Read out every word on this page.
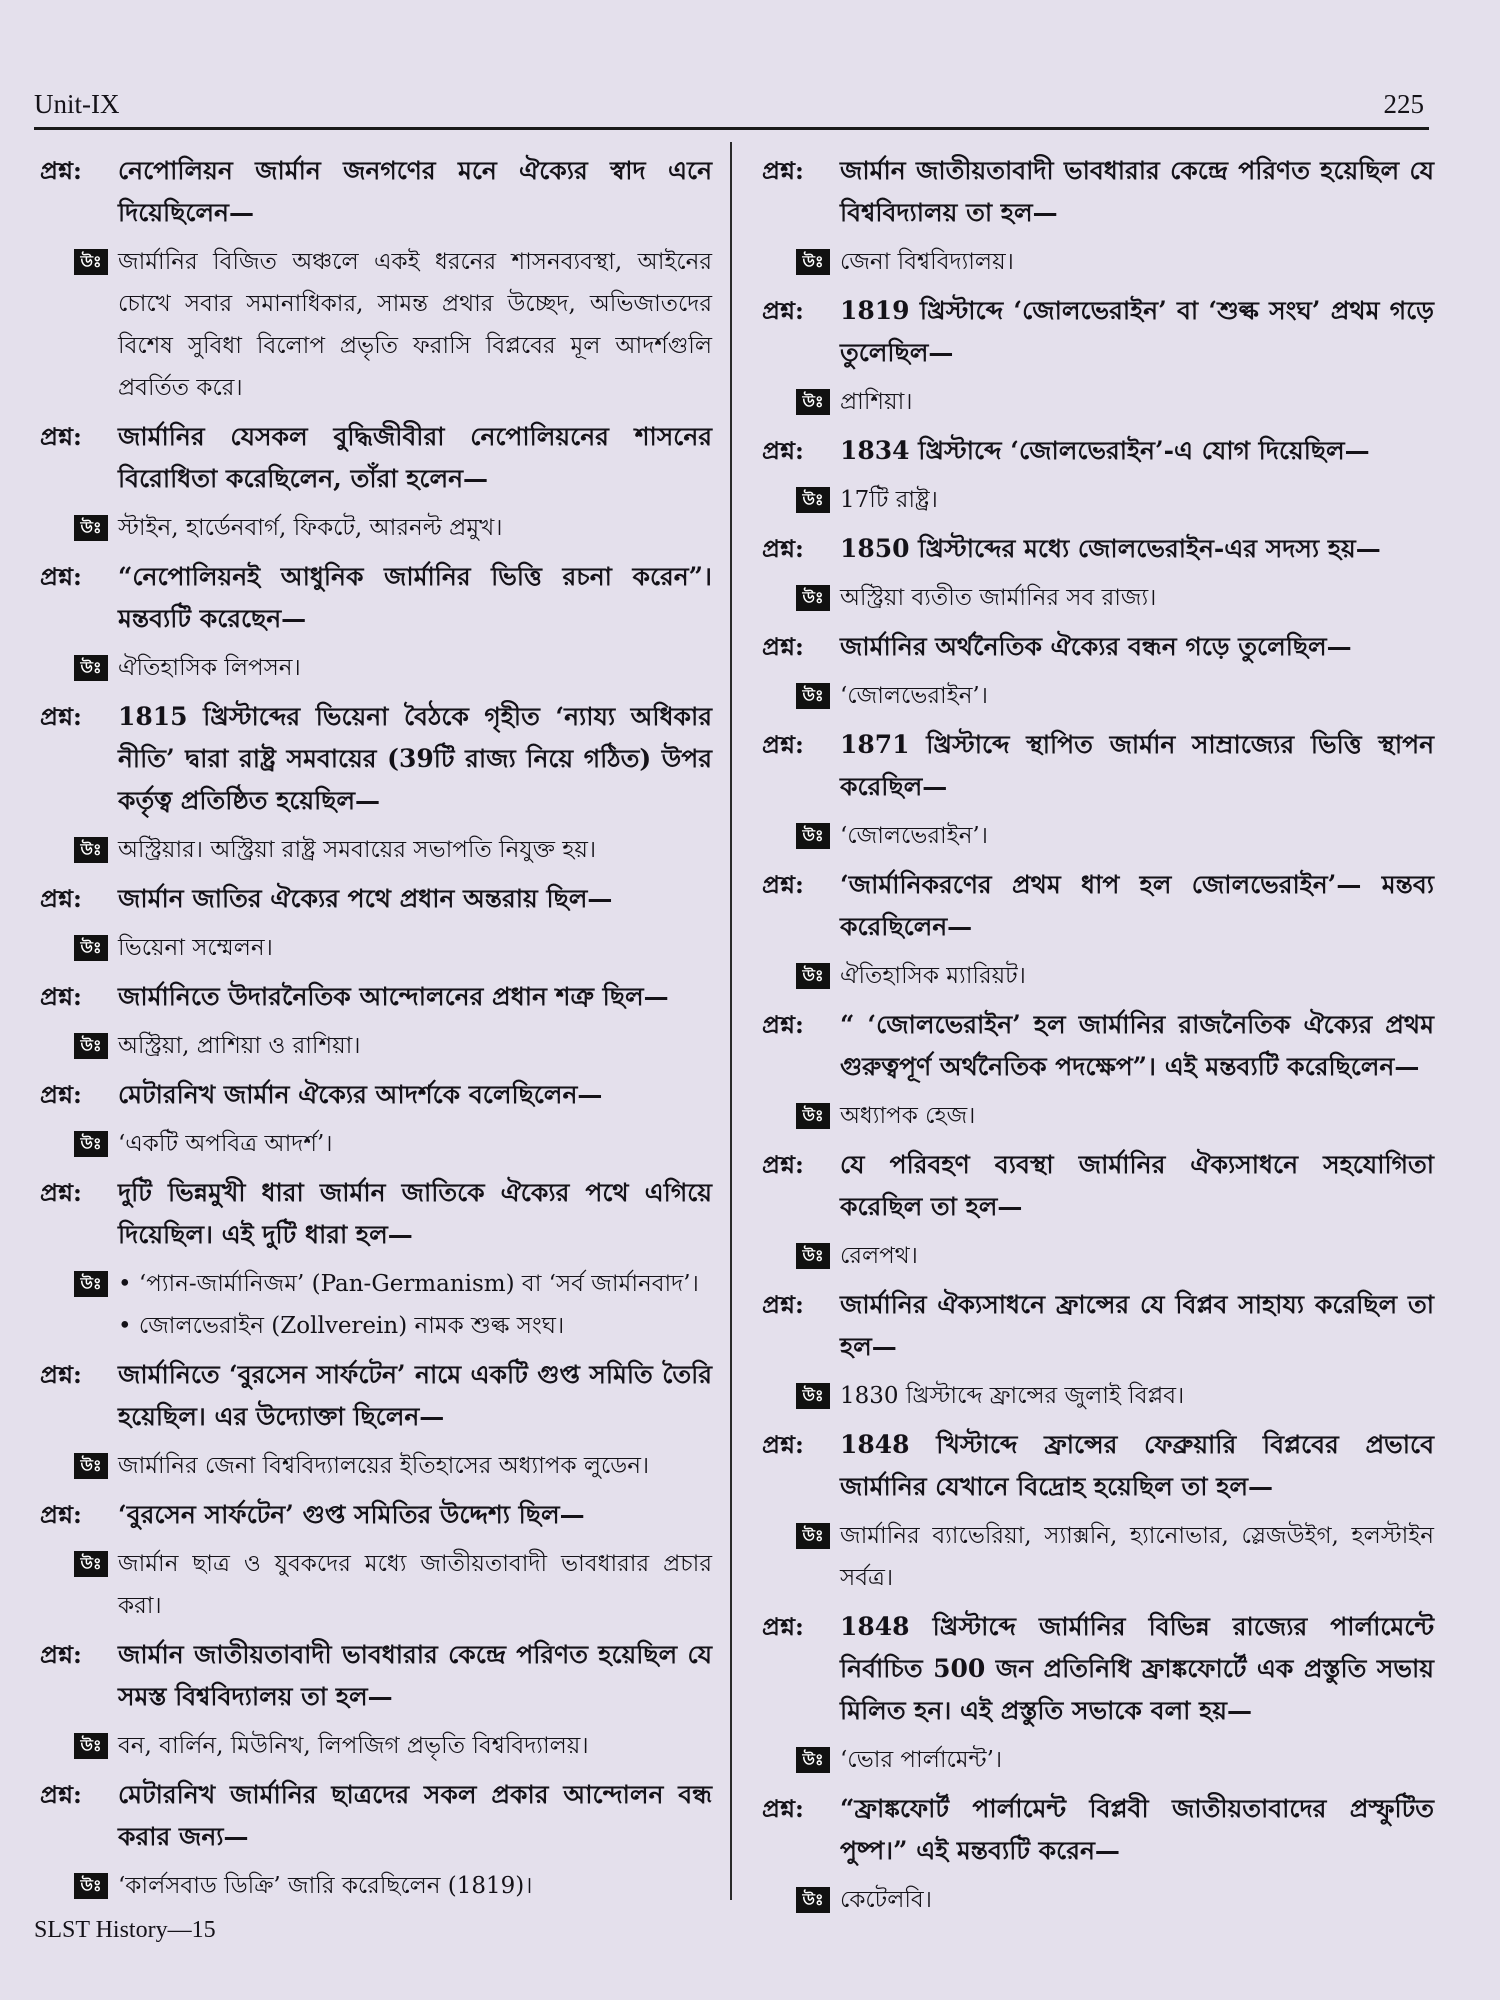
Unit-IX	225
প্রশ্ন:	নেপোলিয়ন জার্মান জনগণের মনে ঐক্যের স্বাদ এনে দিয়েছিলেন—
উঃ জার্মানির বিজিত অঞ্চলে একই ধরনের শাসনব্যবস্থা, আইনের চোখে সবার সমানাধিকার, সামন্ত প্রথার উচ্ছেদ, অভিজাতদের বিশেষ সুবিধা বিলোপ প্রভৃতি ফরাসি বিপ্লবের মূল আদর্শগুলি প্রবর্তিত করে।
প্রশ্ন:	জার্মানির যেসকল বুদ্ধিজীবীরা নেপোলিয়নের শাসনের বিরোধিতা করেছিলেন, তাঁরা হলেন—
উঃ স্টাইন, হার্ডেনবার্গ, ফিকটে, আরনল্ট প্রমুখ।
প্রশ্ন:	“নেপোলিয়নই আধুনিক জার্মানির ভিত্তি রচনা করেন”। মন্তব্যটি করেছেন—
উঃ ঐতিহাসিক লিপসন।
প্রশ্ন:	1815 খ্রিস্টাব্দের ভিয়েনা বৈঠকে গৃহীত ‘ন্যায্য অধিকার নীতি’ দ্বারা রাষ্ট্র সমবায়ের (39টি রাজ্য নিয়ে গঠিত) উপর কর্তৃত্ব প্রতিষ্ঠিত হয়েছিল—
উঃ অস্ট্রিয়ার। অস্ট্রিয়া রাষ্ট্র সমবায়ের সভাপতি নিযুক্ত হয়।
প্রশ্ন:	জার্মান জাতির ঐক্যের পথে প্রধান অন্তরায় ছিল—
উঃ ভিয়েনা সম্মেলন।
প্রশ্ন:	জার্মানিতে উদারনৈতিক আন্দোলনের প্রধান শত্রু ছিল—
উঃ অস্ট্রিয়া, প্রাশিয়া ও রাশিয়া।
প্রশ্ন:	মেটারনিখ জার্মান ঐক্যের আদর্শকে বলেছিলেন—
উঃ ‘একটি অপবিত্র আদর্শ’।
প্রশ্ন:	দুটি ভিন্নমুখী ধারা জার্মান জাতিকে ঐক্যের পথে এগিয়ে দিয়েছিল। এই দুটি ধারা হল—
উঃ
•	‘প্যান-জার্মানিজম’ (Pan-Germanism) বা ‘সর্ব জার্মানবাদ’।
• জোলভেরাইন (Zollverein) নামক শুল্ক সংঘ।
প্রশ্ন:	জার্মানিতে ‘বুরসেন সার্ফটেন’ নামে একটি গুপ্ত সমিতি তৈরি হয়েছিল। এর উদ্যোক্তা ছিলেন—
উঃ জার্মানির জেনা বিশ্ববিদ্যালয়ের ইতিহাসের অধ্যাপক লুডেন।
প্রশ্ন:	‘বুরসেন সার্ফটেন’ গুপ্ত সমিতির উদ্দেশ্য ছিল—
উঃ জার্মান ছাত্র ও যুবকদের মধ্যে জাতীয়তাবাদী ভাবধারার প্রচার করা।
প্রশ্ন:	জার্মান জাতীয়তাবাদী ভাবধারার কেন্দ্রে পরিণত হয়েছিল যে সমস্ত বিশ্ববিদ্যালয় তা হল—
উঃ বন, বার্লিন, মিউনিখ, লিপজিগ প্রভৃতি বিশ্ববিদ্যালয়।
প্রশ্ন:	মেটারনিখ জার্মানির ছাত্রদের সকল প্রকার আন্দোলন বন্ধ করার জন্য—
উঃ ‘কার্লসবাড ডিক্রি’ জারি করেছিলেন (1819)।
প্রশ্ন:	জার্মান জাতীয়তাবাদী ভাবধারার কেন্দ্রে পরিণত হয়েছিল যে বিশ্ববিদ্যালয় তা হল—
উঃ জেনা বিশ্ববিদ্যালয়।
প্রশ্ন:	1819 খ্রিস্টাব্দে ‘জোলভেরাইন’ বা ‘শুল্ক সংঘ’ প্রথম গড়ে তুলেছিল—
উঃ প্রাশিয়া।
প্রশ্ন:	1834 খ্রিস্টাব্দে ‘জোলভেরাইন’-এ যোগ দিয়েছিল—
উঃ 17টি রাষ্ট্র।
প্রশ্ন:	1850 খ্রিস্টাব্দের মধ্যে জোলভেরাইন-এর সদস্য হয়—
উঃ অস্ট্রিয়া ব্যতীত জার্মানির সব রাজ্য।
প্রশ্ন:	জার্মানির অর্থনৈতিক ঐক্যের বন্ধন গড়ে তুলেছিল—
উঃ ‘জোলভেরাইন’।
প্রশ্ন:	1871 খ্রিস্টাব্দে স্থাপিত জার্মান সাম্রাজ্যের ভিত্তি স্থাপন করেছিল—
উঃ ‘জোলভেরাইন’।
প্রশ্ন:	‘জার্মানিকরণের প্রথম ধাপ হল জোলভেরাইন’— মন্তব্য করেছিলেন—
উঃ ঐতিহাসিক ম্যারিয়ট।
প্রশ্ন:	“ ‘জোলভেরাইন’ হল জার্মানির রাজনৈতিক ঐক্যের প্রথম গুরুত্বপূর্ণ অর্থনৈতিক পদক্ষেপ”। এই মন্তব্যটি করেছিলেন—
উঃ অধ্যাপক হেজ।
প্রশ্ন:	যে পরিবহণ ব্যবস্থা জার্মানির ঐক্যসাধনে সহযোগিতা করেছিল তা হল—
উঃ রেলপথ।
প্রশ্ন:	জার্মানির ঐক্যসাধনে ফ্রান্সের যে বিপ্লব সাহায্য করেছিল তা হল—
উঃ 1830 খ্রিস্টাব্দে ফ্রান্সের জুলাই বিপ্লব।
প্রশ্ন:	1848 খিস্টাব্দে ফ্রান্সের ফেব্রুয়ারি বিপ্লবের প্রভাবে জার্মানির যেখানে বিদ্রোহ হয়েছিল তা হল—
উঃ জার্মানির ব্যাভেরিয়া, স্যাক্সনি, হ্যানোভার, স্লেজউইগ, হলস্টাইন সর্বত্র।
প্রশ্ন:	1848 খ্রিস্টাব্দে জার্মানির বিভিন্ন রাজ্যের পার্লামেন্টে নির্বাচিত 500 জন প্রতিনিধি ফ্রাঙ্কফোর্টে এক প্রস্তুতি সভায় মিলিত হন। এই প্রস্তুতি সভাকে বলা হয়—
উঃ ‘ভোর পার্লামেন্ট’।
প্রশ্ন:	“ফ্রাঙ্কফোর্ট পার্লামেন্ট বিপ্লবী জাতীয়তাবাদের প্রস্ফুটিত পুষ্প।” এই মন্তব্যটি করেন—
উঃ কেটেলবি।
SLST History—15
